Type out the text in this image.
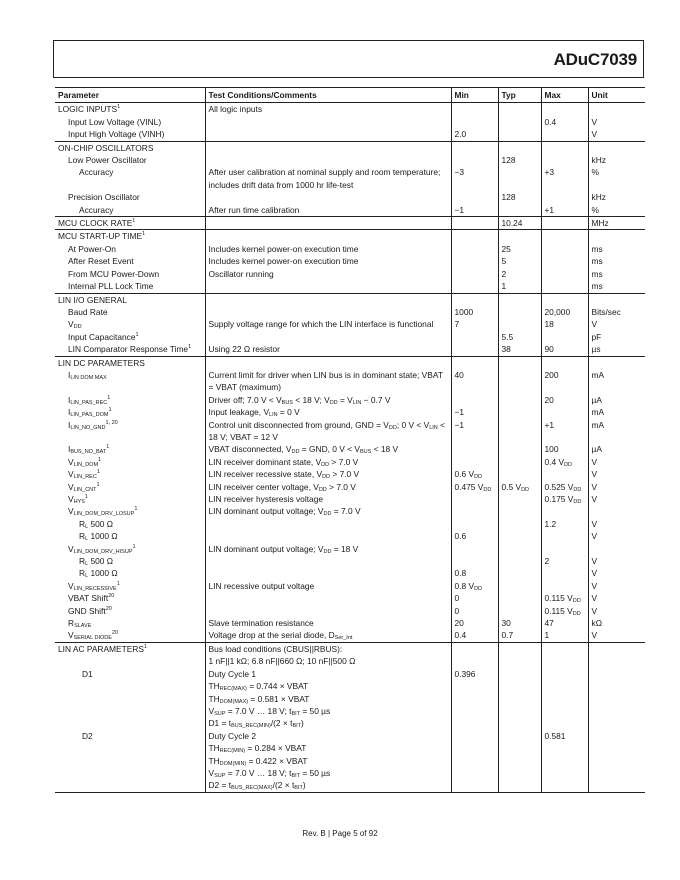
ADuC7039
Parameter	Test Conditions/Comments	Min	Typ	Max	Unit
LOGIC INPUTS$^1$	All logic inputs				
Input Low Voltage (VINL)				0.4	V
Input High Voltage (VINH)		2.0			V
ON-CHIP OSCILLATORS					
Low Power Oscillator			128		kHz
Accuracy	After user calibration at nominal supply and room temperature; includes drift data from 1000 hr life-test	−3		+3	%
Precision Oscillator			128		kHz
Accuracy	After run time calibration	−1		+1	%
MCU CLOCK RATE$^1$			10.24		MHz
MCU START-UP TIME$^1$					
At Power-On	Includes kernel power-on execution time		25		ms
After Reset Event	Includes kernel power-on execution time		5		ms
From MCU Power-Down	Oscillator running		2		ms
Internal PLL Lock Time			1		ms
LIN I/O GENERAL					
Baud Rate		1000		20,000	Bits/sec
$V_{DD}$	Supply voltage range for which the LIN interface is functional	7		18	V
Input Capacitance$^1$			5.5		pF
LIN Comparator Response Time$^1$	Using 22 Ω resistor		38	90	µs
LIN DC PARAMETERS					
$I_{LIN DOM MAX}$	Current limit for driver when LIN bus is in dominant state; VBAT = VBAT (maximum)	40		200	mA
$I_{LIN\_PAS\_REC}^1$	Driver off; 7.0 $V < V_{BUS} < 18$ V; $V_{DD} = V_{LIN} - 0.7$ V			20	µA
$I_{LIN\_PAS\_DOM}^1$	Input leakage, $V_{LIN} = 0$ V	−1			mA
$I_{LIN\_NO\_GND}^{1, 20}$	Control unit disconnected from ground, GND = $V_{DD}$; 0 $V < V_{LIN} < 18$ V; VBAT = 12 V	−1		+1	mA
$I_{BUS\_NO\_BAT}^1$	VBAT disconnected, $V_{DD}$ = GND, 0 $V < V_{BUS} < 18$ V			100	µA
$V_{LIN\_DOM}^1$	LIN receiver dominant state, $V_{DD} > 7.0$ V			0.4 $V_{DD}$	V
$V_{LIN\_REC}^1$	LIN receiver recessive state, $V_{DD} > 7.0$ V	0.6 $V_{DD}$			V
$V_{LIN\_CNT}^1$	LIN receiver center voltage, $V_{DD} > 7.0$ V	0.475 $V_{DD}$	0.5 $V_{DD}$	0.525 $V_{DD}$	V
$V_{HYS}^1$	LIN receiver hysteresis voltage			0.175 $V_{DD}$	V
$V_{LIN\_DOM\_DRV\_LOSUP}^1$	LIN dominant output voltage; $V_{DD} = 7.0$ V				
$R_L$ 500 Ω				1.2	V
$R_L$ 1000 Ω		0.6			V
$V_{LIN\_DOM\_DRV\_HISUP}^1$	LIN dominant output voltage; $V_{DD} = 18$ V				
$R_L$ 500 Ω				2	V
$R_L$ 1000 Ω		0.8			V
$V_{LIN\_RECESSIVE}^1$	LIN recessive output voltage	0.8 $V_{DD}$			V
VBAT Shift$^{20}$		0		0.115 $V_{DD}$	V
GND Shift$^{20}$		0		0.115 $V_{DD}$	V
$R_{SLAVE}$	Slave termination resistance	20	30	47	kΩ
$V_{SERIAL DIODE}^{20}$	Voltage drop at the serial diode, $D_{Ser\_Int}$	0.4	0.7	1	V
LIN AC PARAMETERS$^1$	Bus load conditions (CBUS||RBUS):
1 nF||1 kΩ; 6.8 nF||660 Ω; 10 nF||500 Ω				
D1	Duty Cycle 1	0.396			
	$TH_{REC(MAX)} = 0.744$ × VBAT				
	$TH_{DOM(MAX)} = 0.581$ × VBAT				
	$V_{SUP} = 7.0$ V … 18 V; $t_{BIT} = 50$ µs				
	$D1 = t_{BUS\_REC(MIN)}/(2 \times t_{BIT})$				
D2	Duty Cycle 2			0.581	
	$TH_{REC(MIN)} = 0.284$ × VBAT				
	$TH_{DOM(MIN)} = 0.422$ × VBAT				
	$V_{SUP} = 7.0$ V … 18 V; $t_{BIT} = 50$ µs				
	$D2 = t_{BUS\_REC(MAX)}/(2 \times t_{BIT})$				
Rev. B | Page 5 of 92
